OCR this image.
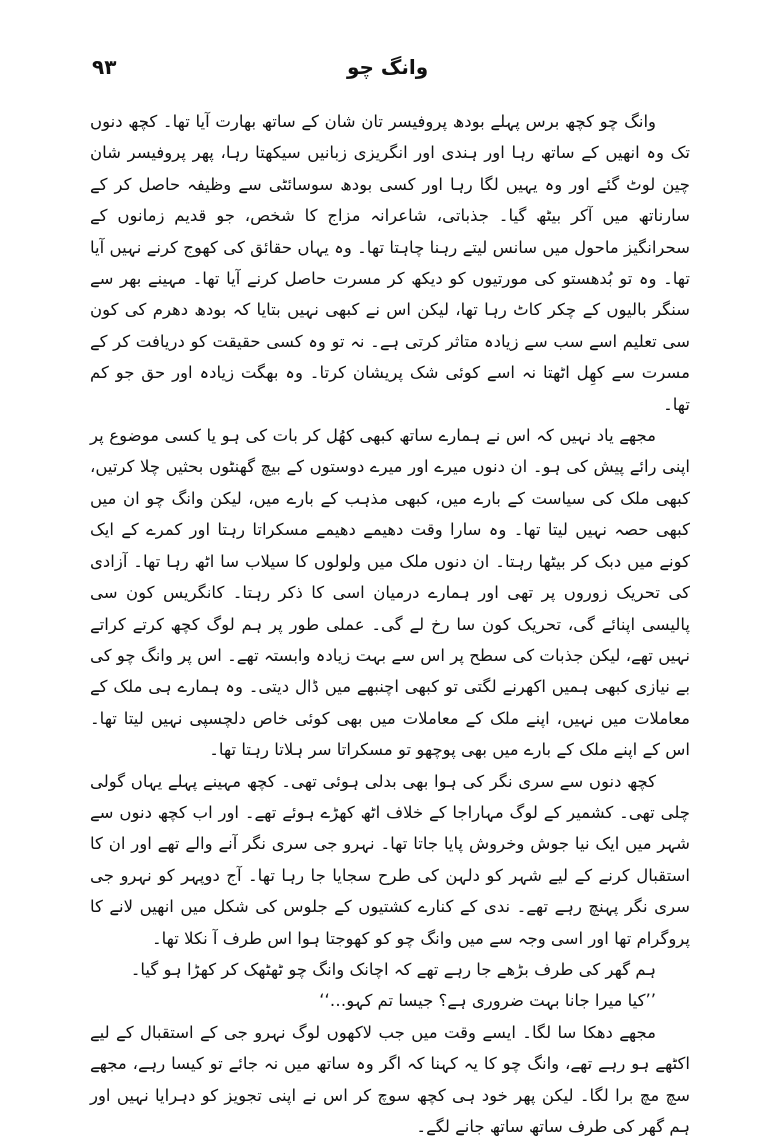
۹۳	وانگ چو

وانگ چو کچھ برس پہلے بودھ پروفیسر تان شان کے ساتھ بھارت آیا تھا۔ کچھ دنوں تک وہ انھیں کے ساتھ رہا اور ہندی اور انگریزی زبانیں سیکھتا رہا، پھر پروفیسر شان چین لوٹ گئے اور وہ یہیں لگا رہا اور کسی بودھ سوسائٹی سے وظیفہ حاصل کر کے سارناتھ میں آکر بیٹھ گیا۔ جذباتی، شاعرانہ مزاج کا شخص، جو قدیم زمانوں کے سحرانگیز ماحول میں سانس لیتے رہنا چاہتا تھا۔ وہ یہاں حقائق کی کھوج کرنے نہیں آیا تھا۔ وہ تو بُدھستو کی مورتیوں کو دیکھ کر مسرت حاصل کرنے آیا تھا۔ مہینے بھر سے سنگر بالیوں کے چکر کاٹ رہا تھا، لیکن اس نے کبھی نہیں بتایا کہ بودھ دھرم کی کون سی تعلیم اسے سب سے زیادہ متاثر کرتی ہے۔ نہ تو وہ کسی حقیقت کو دریافت کر کے مسرت سے کھِل اٹھتا نہ اسے کوئی شک پریشان کرتا۔ وہ بھگت زیادہ اور حق جو کم تھا۔

مجھے یاد نہیں کہ اس نے ہمارے ساتھ کبھی کھُل کر بات کی ہو یا کسی موضوع پر اپنی رائے پیش کی ہو۔ ان دنوں میرے اور میرے دوستوں کے بیچ گھنٹوں بحثیں چلا کرتیں، کبھی ملک کی سیاست کے بارے میں، کبھی مذہب کے بارے میں، لیکن وانگ چو ان میں کبھی حصہ نہیں لیتا تھا۔ وہ سارا وقت دھیمے دھیمے مسکراتا رہتا اور کمرے کے ایک کونے میں دبک کر بیٹھا رہتا۔ ان دنوں ملک میں ولولوں کا سیلاب سا اٹھ رہا تھا۔ آزادی کی تحریک زوروں پر تھی اور ہمارے درمیان اسی کا ذکر رہتا۔ کانگریس کون سی پالیسی اپنائے گی، تحریک کون سا رخ لے گی۔ عملی طور پر ہم لوگ کچھ کرتے کراتے نہیں تھے، لیکن جذبات کی سطح پر اس سے بہت زیادہ وابستہ تھے۔ اس پر وانگ چو کی بے نیازی کبھی ہمیں اکھرنے لگتی تو کبھی اچنبھے میں ڈال دیتی۔ وہ ہمارے ہی ملک کے معاملات میں نہیں، اپنے ملک کے معاملات میں بھی کوئی خاص دلچسپی نہیں لیتا تھا۔ اس کے اپنے ملک کے بارے میں بھی پوچھو تو مسکراتا سر ہلاتا رہتا تھا۔

کچھ دنوں سے سری نگر کی ہوا بھی بدلی ہوئی تھی۔ کچھ مہینے پہلے یہاں گولی چلی تھی۔ کشمیر کے لوگ مہاراجا کے خلاف اٹھ کھڑے ہوئے تھے۔ اور اب کچھ دنوں سے شہر میں ایک نیا جوش وخروش پایا جاتا تھا۔ نہرو جی سری نگر آنے والے تھے اور ان کا استقبال کرنے کے لیے شہر کو دلہن کی طرح سجایا جا رہا تھا۔ آج دوپہر کو نہرو جی سری نگر پہنچ رہے تھے۔ ندی کے کنارے کشتیوں کے جلوس کی شکل میں انھیں لانے کا پروگرام تھا اور اسی وجہ سے میں وانگ چو کو کھوجتا ہوا اس طرف آ نکلا تھا۔

ہم گھر کی طرف بڑھے جا رہے تھے کہ اچانک وانگ چو ٹھٹھک کر کھڑا ہو گیا۔

’’کیا میرا جانا بہت ضروری ہے؟ جیسا تم کہو…‘‘

مجھے دھکا سا لگا۔ ایسے وقت میں جب لاکھوں لوگ نہرو جی کے استقبال کے لیے اکٹھے ہو رہے تھے، وانگ چو کا یہ کہنا کہ اگر وہ ساتھ میں نہ جائے تو کیسا رہے، مجھے سچ مچ برا لگا۔ لیکن پھر خود ہی کچھ سوچ کر اس نے اپنی تجویز کو دہرایا نہیں اور ہم گھر کی طرف ساتھ ساتھ جانے لگے۔
